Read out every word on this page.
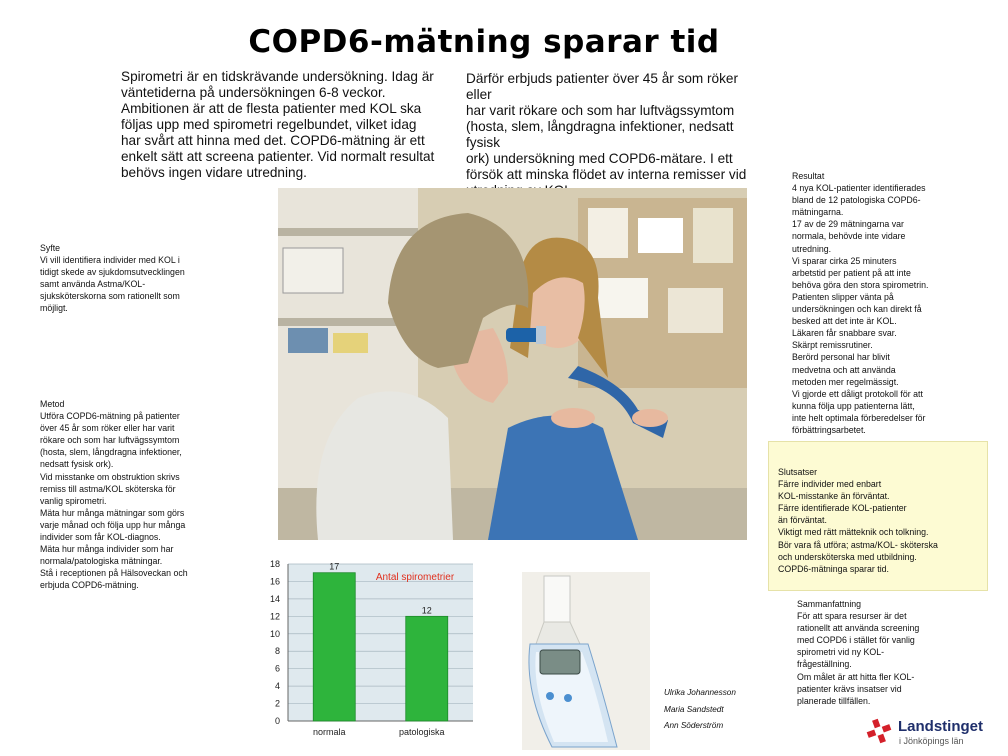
COPD6-mätning sparar tid
Spirometri är en tidskrävande undersökning. Idag är
väntetiderna på undersökningen 6-8 veckor.
Ambitionen är att de flesta patienter med KOL ska
följas upp med spirometri regelbundet, vilket idag
har svårt att hinna med det. COPD6-mätning är ett
enkelt sätt att screena patienter. Vid normalt resultat
behövs ingen vidare utredning.
Därför erbjuds patienter över 45 år som röker eller
har varit rökare och som har luftvägssymtom
(hosta, slem, långdragna infektioner, nedsatt fysisk
ork) undersökning med COPD6-mätare. I ett
försök att minska flödet av interna remisser vid
Syfte
Vi vill identifiera individer med KOL i
tidigt skede av sjukdomsutvecklingen
samt använda Astma/KOL-
sjuksköterskorna som rationellt som
möjligt.
Metod
Utföra COPD6-mätning på patienter
över 45 år som röker eller har varit
rökare och som har luftvägssymtom
(hosta, slem, långdragna infektioner,
nedsatt fysisk ork).
Vid misstanke om obstruktion skrivs
remiss till astma/KOL sköterska för
vanlig spirometri.
Mäta hur många mätningar som görs
varje månad och följa upp hur många
individer som får KOL-diagnos.
Mäta hur många individer som har
normala/patologiska mätningar.
Stå i receptionen på Hälsoveckan och
erbjuda COPD6-mätning.
Resultat
4 nya KOL-patienter identifierades
bland de 12 patologiska COPD6-
mätningarna.
17 av de 29 mätningarna var
normala, behövde inte vidare
utredning.
Vi sparar cirka 25 minuters
arbetstid per patient på att inte
behöva göra den stora spirometrin.
Patienten slipper vänta på
undersökningen och kan direkt få
besked att det inte är KOL.
Läkaren får snabbare svar.
Skärpt remissrutiner.
Berörd personal har blivit
medvetna och att använda
metoden mer regelmässigt.
Vi gjorde ett dåligt protokoll för att
kunna följa upp patienterna lätt,
inte helt optimala förberedelser för
förbättringsarbetet.
Slutsatser
Färre individer med enbart
KOL-misstanke än förväntat.
Färre identifierade KOL-patienter
än förväntat.
Viktigt med rätt mätteknik och tolkning.
Bör vara få utföra; astma/KOL- sköterska
och undersköterska med utbildning.
COPD6-mätninga sparar tid.
Sammanfattning
För att spara resurser är det
rationellt att använda screening
med COPD6 i stället för vanlig
spirometri vid ny KOL-
frågeställning.
Om målet är att hitta fler KOL-
patienter krävs insatser vid
planerade tillfällen.
0
2
4
6
8
10
12
14
16
18	17
normala
12
patologiska
Antal spirometrier
Ulrika Johannesson
Maria Sandstedt
Ann Söderström	Landstinget
i Jönköpings län
